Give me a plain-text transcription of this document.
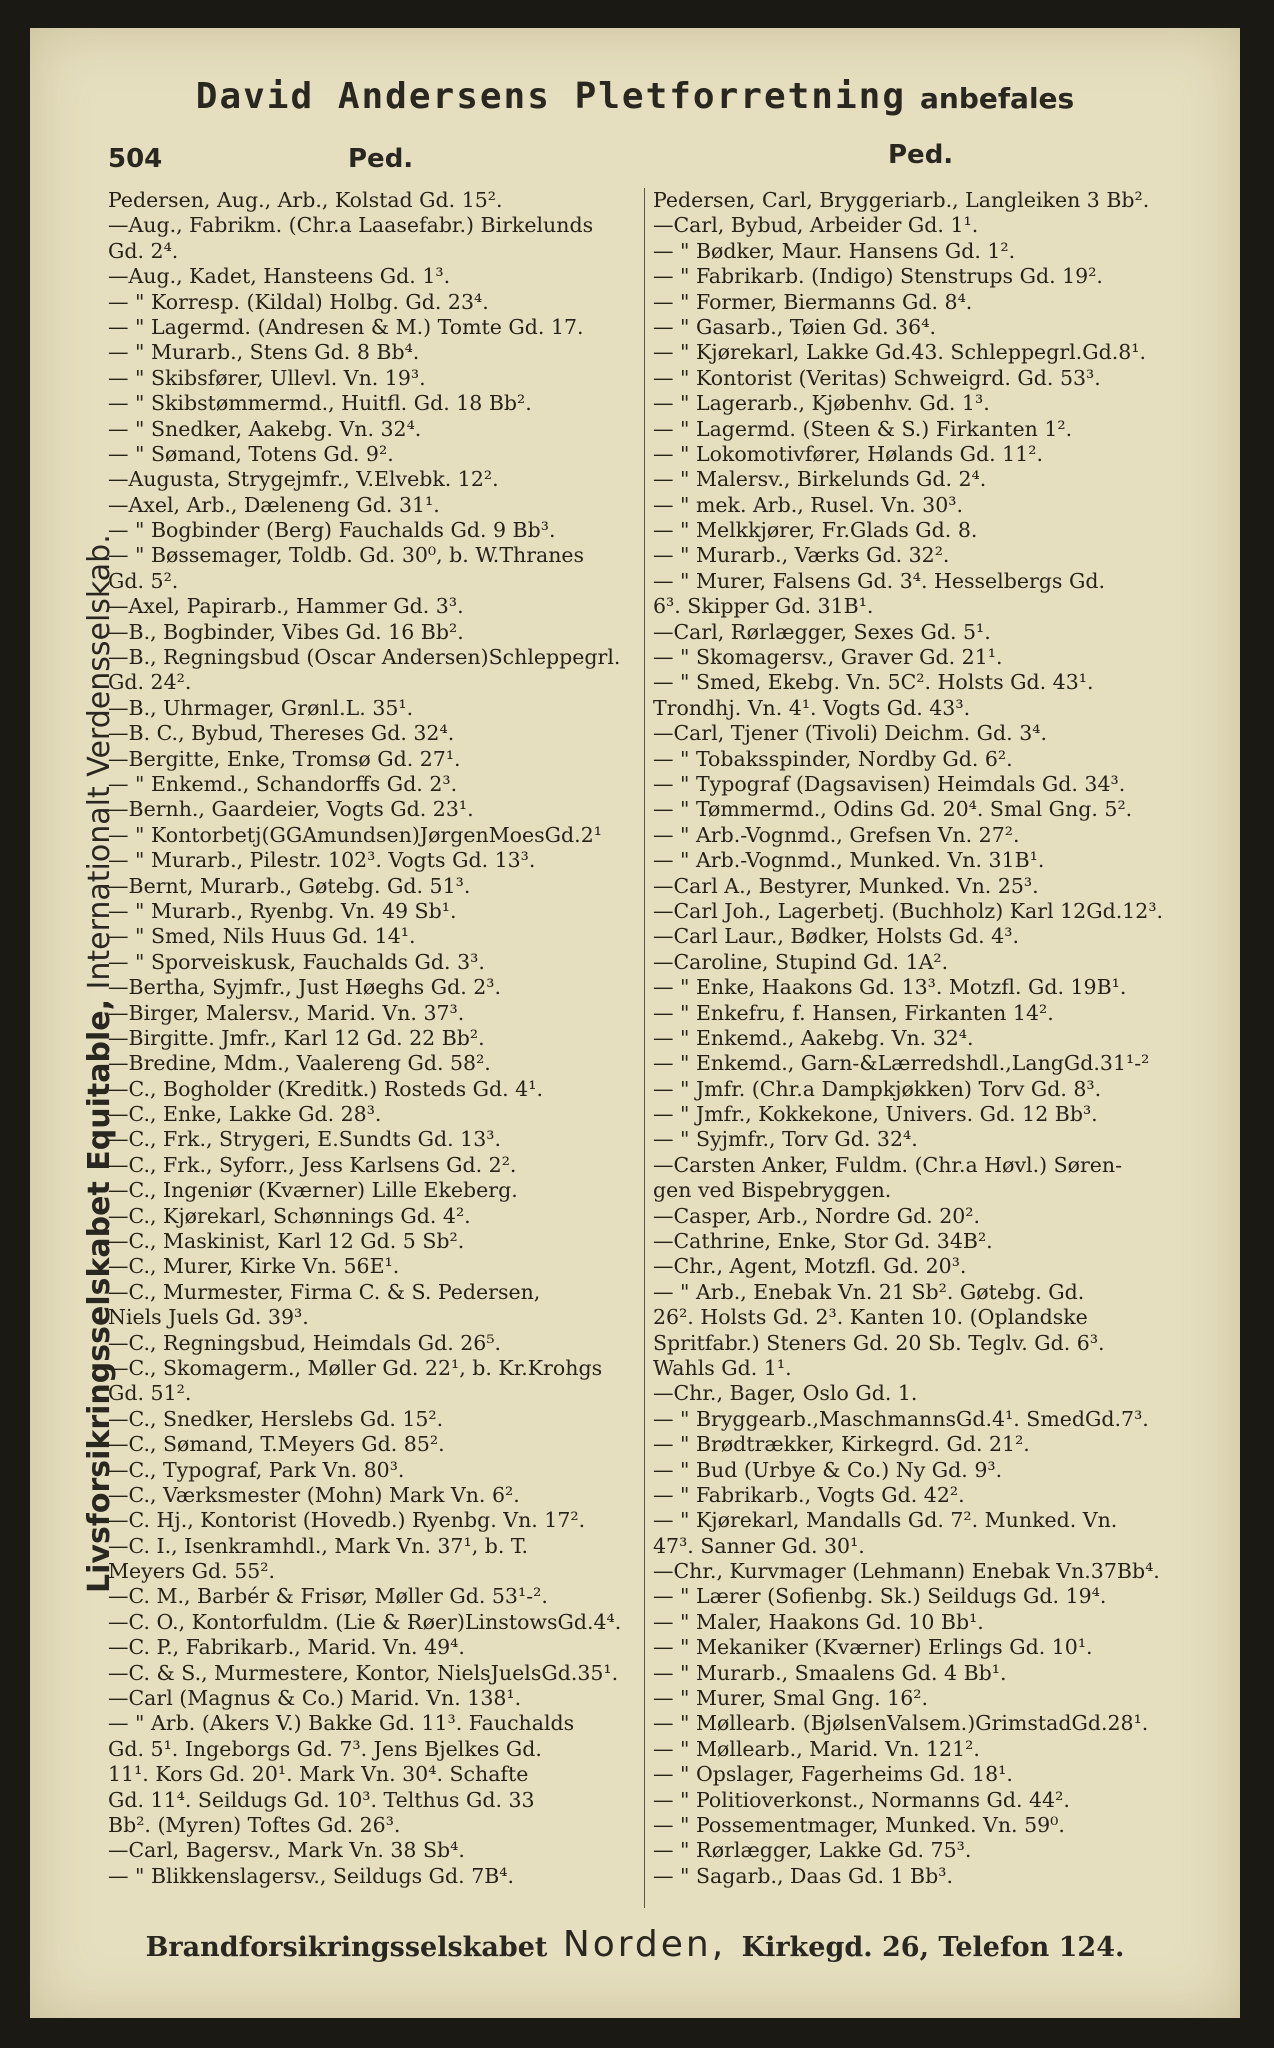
David Andersens Pletforretning anbefales
504	Ped.	Ped.
Livsforsikringsselskabet Equitable, Internationalt Verdensselskab.
Pedersen, Aug., Arb., Kolstad Gd. 15².
—Aug., Fabrikm. (Chr.a Laasefabr.) Birkelunds
Gd. 2⁴.
—Aug., Kadet, Hansteens Gd. 1³.
— " Korresp. (Kildal) Holbg. Gd. 23⁴.
— " Lagermd. (Andresen & M.) Tomte Gd. 17.
— " Murarb., Stens Gd. 8 Bb⁴.
— " Skibsfører, Ullevl. Vn. 19³.
— " Skibstømmermd., Huitfl. Gd. 18 Bb².
— " Snedker, Aakebg. Vn. 32⁴.
— " Sømand, Totens Gd. 9².
—Augusta, Strygejmfr., V.Elvebk. 12².
—Axel, Arb., Dæleneng Gd. 31¹.
— " Bogbinder (Berg) Fauchalds Gd. 9 Bb³.
— " Bøssemager, Toldb. Gd. 30⁰, b. W.Thranes
Gd. 5².
—Axel, Papirarb., Hammer Gd. 3³.
—B., Bogbinder, Vibes Gd. 16 Bb².
—B., Regningsbud (Oscar Andersen)Schleppegrl.
Gd. 24².
—B., Uhrmager, Grønl.L. 35¹.
—B. C., Bybud, Thereses Gd. 32⁴.
—Bergitte, Enke, Tromsø Gd. 27¹.
— " Enkemd., Schandorffs Gd. 2³.
—Bernh., Gaardeier, Vogts Gd. 23¹.
— " Kontorbetj(GGAmundsen)JørgenMoesGd.2¹
— " Murarb., Pilestr. 102³. Vogts Gd. 13³.
—Bernt, Murarb., Gøtebg. Gd. 51³.
— " Murarb., Ryenbg. Vn. 49 Sb¹.
— " Smed, Nils Huus Gd. 14¹.
— " Sporveiskusk, Fauchalds Gd. 3³.
—Bertha, Syjmfr., Just Høeghs Gd. 2³.
—Birger, Malersv., Marid. Vn. 37³.
—Birgitte. Jmfr., Karl 12 Gd. 22 Bb².
—Bredine, Mdm., Vaalereng Gd. 58².
—C., Bogholder (Kreditk.) Rosteds Gd. 4¹.
—C., Enke, Lakke Gd. 28³.
—C., Frk., Strygeri, E.Sundts Gd. 13³.
—C., Frk., Syforr., Jess Karlsens Gd. 2².
—C., Ingeniør (Kværner) Lille Ekeberg.
—C., Kjørekarl, Schønnings Gd. 4².
—C., Maskinist, Karl 12 Gd. 5 Sb².
—C., Murer, Kirke Vn. 56E¹.
—C., Murmester, Firma C. & S. Pedersen,
Niels Juels Gd. 39³.
—C., Regningsbud, Heimdals Gd. 26⁵.
—C., Skomagerm., Møller Gd. 22¹, b. Kr.Krohgs
Gd. 51².
—C., Snedker, Herslebs Gd. 15².
—C., Sømand, T.Meyers Gd. 85².
—C., Typograf, Park Vn. 80³.
—C., Værksmester (Mohn) Mark Vn. 6².
—C. Hj., Kontorist (Hovedb.) Ryenbg. Vn. 17².
—C. I., Isenkramhdl., Mark Vn. 37¹, b. T.
Meyers Gd. 55².
—C. M., Barbér & Frisør, Møller Gd. 53¹-².
—C. O., Kontorfuldm. (Lie & Røer)LinstowsGd.4⁴.
—C. P., Fabrikarb., Marid. Vn. 49⁴.
—C. & S., Murmestere, Kontor, NielsJuelsGd.35¹.
—Carl (Magnus & Co.) Marid. Vn. 138¹.
— " Arb. (Akers V.) Bakke Gd. 11³. Fauchalds
Gd. 5¹. Ingeborgs Gd. 7³. Jens Bjelkes Gd.
11¹. Kors Gd. 20¹. Mark Vn. 30⁴. Schafte
Gd. 11⁴. Seildugs Gd. 10³. Telthus Gd. 33
Bb². (Myren) Toftes Gd. 26³.
—Carl, Bagersv., Mark Vn. 38 Sb⁴.
— " Blikkenslagersv., Seildugs Gd. 7B⁴.
Pedersen, Carl, Bryggeriarb., Langleiken 3 Bb².
—Carl, Bybud, Arbeider Gd. 1¹.
— " Bødker, Maur. Hansens Gd. 1².
— " Fabrikarb. (Indigo) Stenstrups Gd. 19².
— " Former, Biermanns Gd. 8⁴.
— " Gasarb., Tøien Gd. 36⁴.
— " Kjørekarl, Lakke Gd.43. Schleppegrl.Gd.8¹.
— " Kontorist (Veritas) Schweigrd. Gd. 53³.
— " Lagerarb., Kjøbenhv. Gd. 1³.
— " Lagermd. (Steen & S.) Firkanten 1².
— " Lokomotivfører, Hølands Gd. 11².
— " Malersv., Birkelunds Gd. 2⁴.
— " mek. Arb., Rusel. Vn. 30³.
— " Melkkjører, Fr.Glads Gd. 8.
— " Murarb., Værks Gd. 32².
— " Murer, Falsens Gd. 3⁴. Hesselbergs Gd.
6³. Skipper Gd. 31B¹.
—Carl, Rørlægger, Sexes Gd. 5¹.
— " Skomagersv., Graver Gd. 21¹.
— " Smed, Ekebg. Vn. 5C². Holsts Gd. 43¹.
Trondhj. Vn. 4¹. Vogts Gd. 43³.
—Carl, Tjener (Tivoli) Deichm. Gd. 3⁴.
— " Tobaksspinder, Nordby Gd. 6².
— " Typograf (Dagsavisen) Heimdals Gd. 34³.
— " Tømmermd., Odins Gd. 20⁴. Smal Gng. 5².
— " Arb.-Vognmd., Grefsen Vn. 27².
— " Arb.-Vognmd., Munked. Vn. 31B¹.
—Carl A., Bestyrer, Munked. Vn. 25³.
—Carl Joh., Lagerbetj. (Buchholz) Karl 12Gd.12³.
—Carl Laur., Bødker, Holsts Gd. 4³.
—Caroline, Stupind Gd. 1A².
— " Enke, Haakons Gd. 13³. Motzfl. Gd. 19B¹.
— " Enkefru, f. Hansen, Firkanten 14².
— " Enkemd., Aakebg. Vn. 32⁴.
— " Enkemd., Garn-&Lærredshdl.,LangGd.31¹-²
— " Jmfr. (Chr.a Dampkjøkken) Torv Gd. 8³.
— " Jmfr., Kokkekone, Univers. Gd. 12 Bb³.
— " Syjmfr., Torv Gd. 32⁴.
—Carsten Anker, Fuldm. (Chr.a Høvl.) Søren-
gen ved Bispebryggen.
—Casper, Arb., Nordre Gd. 20².
—Cathrine, Enke, Stor Gd. 34B².
—Chr., Agent, Motzfl. Gd. 20³.
— " Arb., Enebak Vn. 21 Sb². Gøtebg. Gd.
26². Holsts Gd. 2³. Kanten 10. (Oplandske
Spritfabr.) Steners Gd. 20 Sb. Teglv. Gd. 6³.
Wahls Gd. 1¹.
—Chr., Bager, Oslo Gd. 1.
— " Bryggearb.,MaschmannsGd.4¹. SmedGd.7³.
— " Brødtrækker, Kirkegrd. Gd. 21².
— " Bud (Urbye & Co.) Ny Gd. 9³.
— " Fabrikarb., Vogts Gd. 42².
— " Kjørekarl, Mandalls Gd. 7². Munked. Vn.
47³. Sanner Gd. 30¹.
—Chr., Kurvmager (Lehmann) Enebak Vn.37Bb⁴.
— " Lærer (Sofienbg. Sk.) Seildugs Gd. 19⁴.
— " Maler, Haakons Gd. 10 Bb¹.
— " Mekaniker (Kværner) Erlings Gd. 10¹.
— " Murarb., Smaalens Gd. 4 Bb¹.
— " Murer, Smal Gng. 16².
— " Møllearb. (BjølsenValsem.)GrimstadGd.28¹.
— " Møllearb., Marid. Vn. 121².
— " Opslager, Fagerheims Gd. 18¹.
— " Politioverkonst., Normanns Gd. 44².
— " Possementmager, Munked. Vn. 59⁰.
— " Rørlægger, Lakke Gd. 75³.
— " Sagarb., Daas Gd. 1 Bb³.
Brandforsikringsselskabet Norden, Kirkegd. 26, Telefon 124.
